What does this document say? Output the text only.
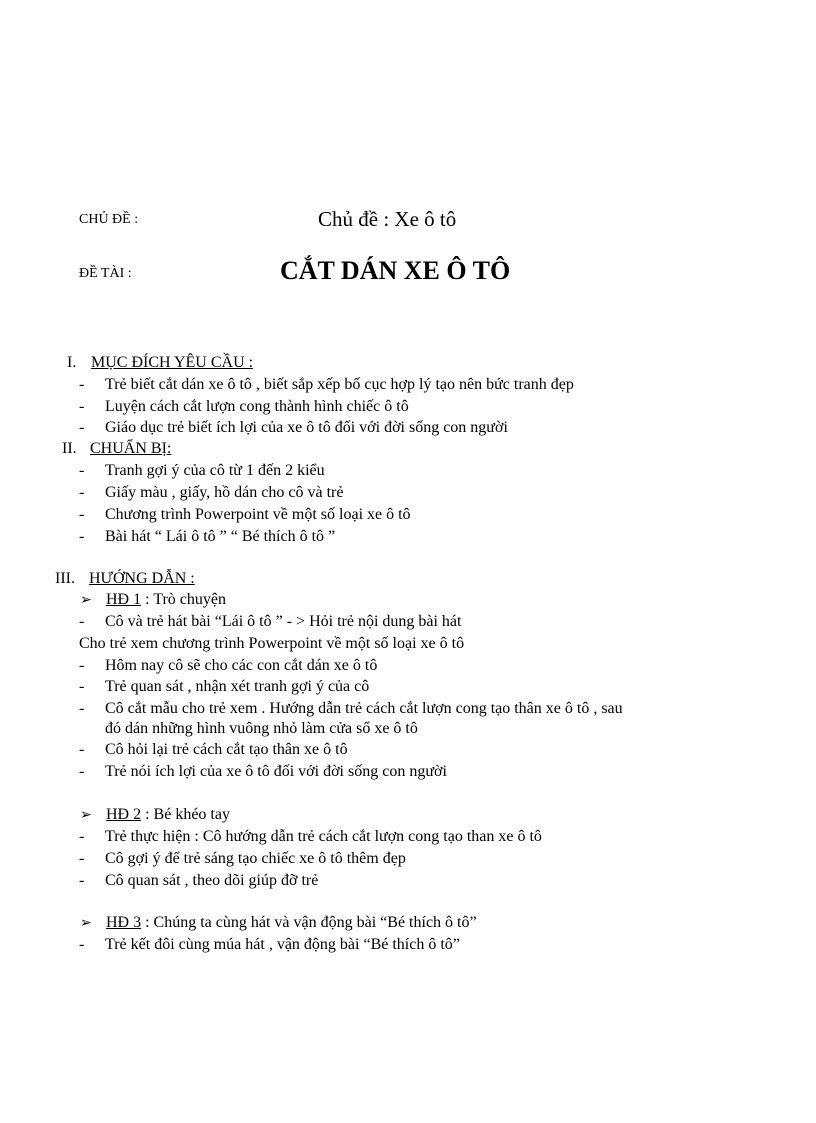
CHỦ ĐỀ :	Chủ đề : Xe ô tô
ĐỀ TÀI :	CẮT DÁN XE Ô TÔ
I. MỤC ĐÍCH YÊU CẦU :
- Trẻ biết cắt dán xe ô tô , biết sắp xếp bố cục hợp lý tạo nên bức tranh đẹp
- Luyện cách cắt lượn cong thành hình chiếc ô tô
- Giáo dục trẻ biết ích lợi của xe ô tô đối với đời sống con người
II. CHUẨN BỊ:
- Tranh gợi ý của cô từ 1 đến 2 kiểu
- Giấy màu , giấy, hồ dán cho cô và trẻ
- Chương trình Powerpoint về một số loại xe ô tô
- Bài hát “ Lái ô tô ” “ Bé thích ô tô ”
III. HƯỚNG DẪN :
➢ HĐ 1 : Trò chuyện
- Cô và trẻ hát bài “Lái ô tô ” - > Hỏi trẻ nội dung bài hát
Cho trẻ xem chương trình Powerpoint về một số loại xe ô tô
- Hôm nay cô sẽ cho các con cắt dán xe ô tô
- Trẻ quan sát , nhận xét tranh gợi ý của cô
- Cô cắt mẫu cho trẻ xem . Hướng dẫn trẻ cách cắt lượn cong tạo thân xe ô tô , sau
đó dán những hình vuông nhỏ làm cửa sổ xe ô tô
- Cô hỏi lại trẻ cách cắt tạo thân xe ô tô
- Trẻ nói ích lợi của xe ô tô đối với đời sống con người
➢ HĐ 2 : Bé khéo tay
- Trẻ thực hiện : Cô hướng dẫn trẻ cách cắt lượn cong tạo than xe ô tô
- Cô gợi ý để trẻ sáng tạo chiếc xe ô tô thêm đẹp
- Cô quan sát , theo dõi giúp đỡ trẻ
➢ HĐ 3 : Chúng ta cùng hát và vận động bài “Bé thích ô tô”
- Trẻ kết đôi cùng múa hát , vận động bài “Bé thích ô tô”
